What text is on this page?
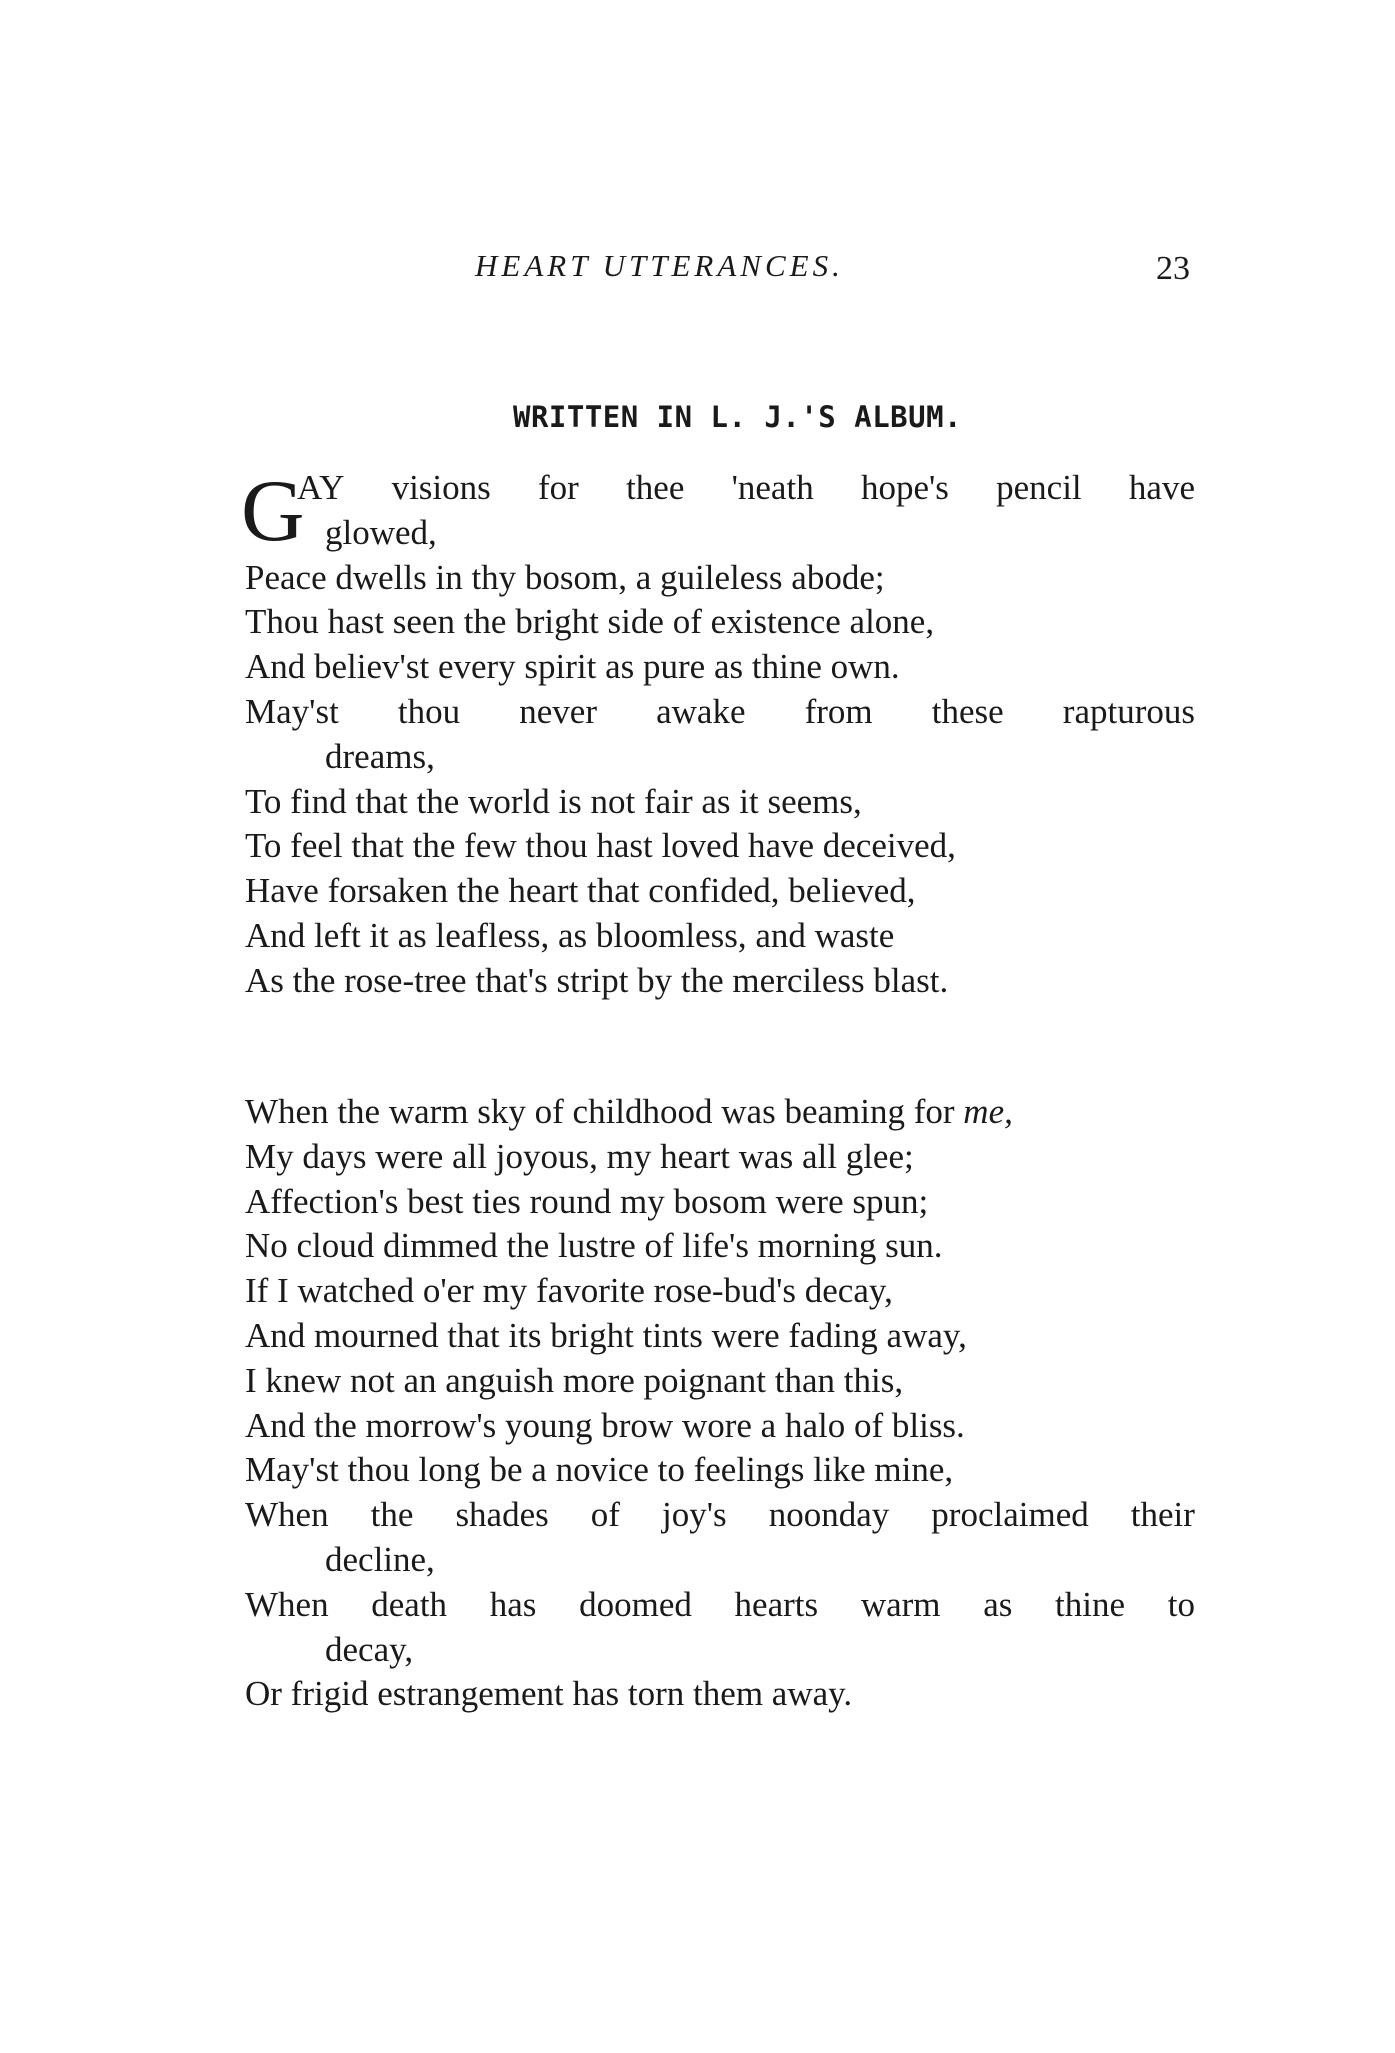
HEART UTTERANCES.	23
WRITTEN IN L. J.'S ALBUM.
G
AY visions for thee 'neath hope's pencil have
glowed,
Peace dwells in thy bosom, a guileless abode;
Thou hast seen the bright side of existence alone,
And believ'st every spirit as pure as thine own.
May'st thou never awake from these rapturous
dreams,
To find that the world is not fair as it seems,
To feel that the few thou hast loved have deceived,
Have forsaken the heart that confided, believed,
And left it as leafless, as bloomless, and waste
As the rose-tree that's stript by the merciless blast.
When the warm sky of childhood was beaming for me,
My days were all joyous, my heart was all glee;
Affection's best ties round my bosom were spun;
No cloud dimmed the lustre of life's morning sun.
If I watched o'er my favorite rose-bud's decay,
And mourned that its bright tints were fading away,
I knew not an anguish more poignant than this,
And the morrow's young brow wore a halo of bliss.
May'st thou long be a novice to feelings like mine,
When the shades of joy's noonday proclaimed their
decline,
When death has doomed hearts warm as thine to
decay,
Or frigid estrangement has torn them away.
